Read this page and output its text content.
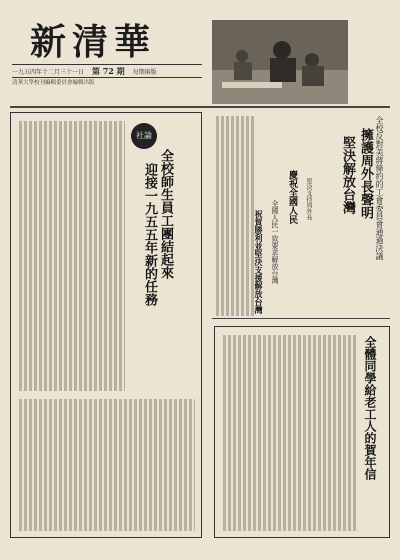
新清華
一九五四年十二月三十一日 第 72 期 每期兩版
清華大學校刊編輯委員會編輯出版
社論
全校師生員工團結起來
迎接一九五五年新的任務	全校反對美蔣條約的工會委員會通過決議
擁護周外長聲明
堅決解放台灣
堅決支持周外長
慶祝全國人民
全國人民一致要求解放台灣
祝賀勝利並堅決支援解放台灣
全體同學給老工人的賀年信
